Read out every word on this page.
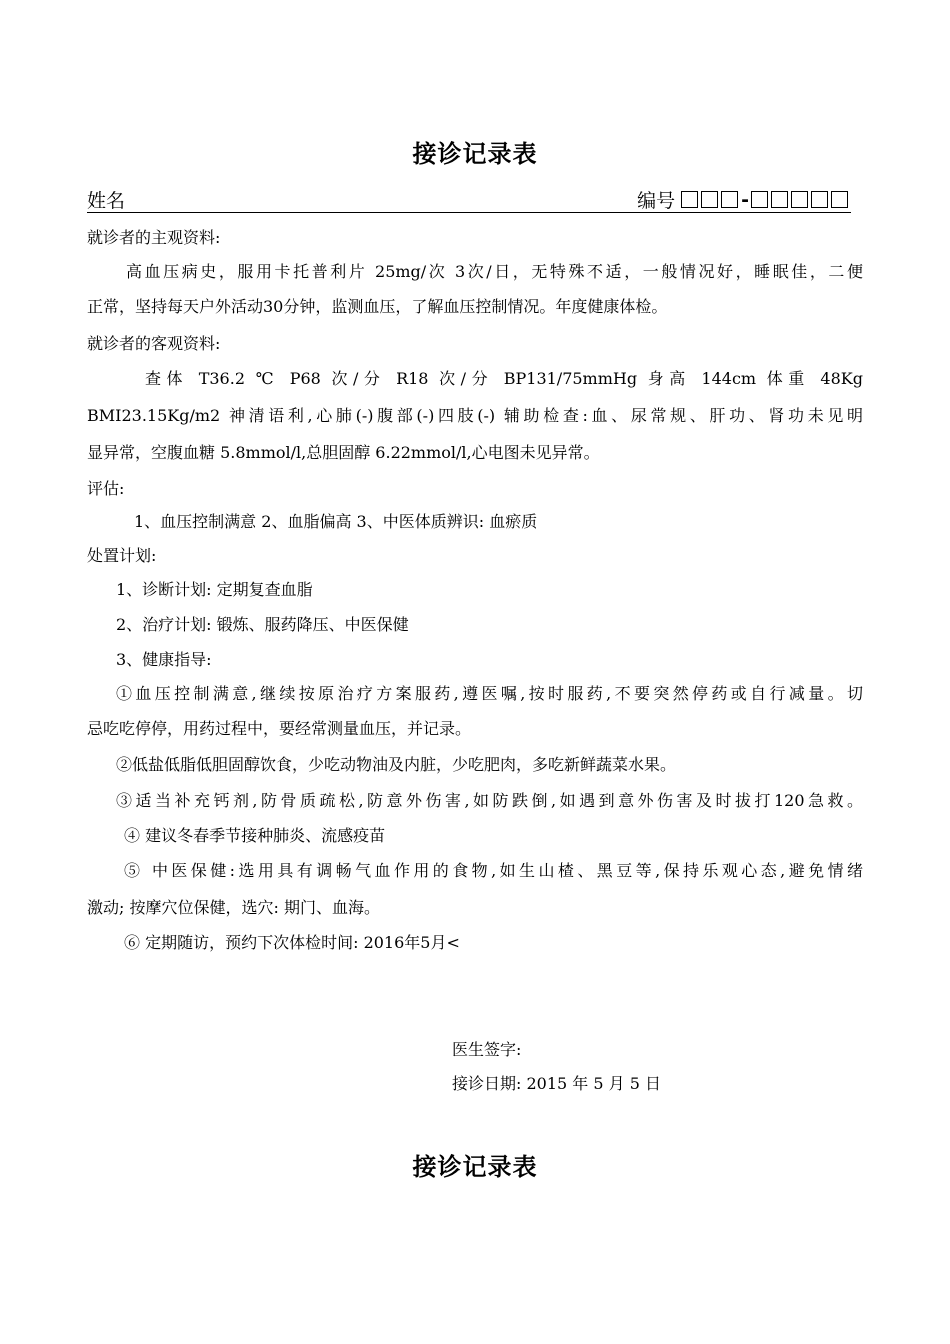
接诊记录表
姓名	编号	-
就诊者的主观资料:
高血压病史，服用卡托普利片 25mg/次 3次/日，无特殊不适，一般情况好，睡眠佳，二便
正常，坚持每天户外活动30分钟，监测血压，了解血压控制情况。年度健康体检。
就诊者的客观资料:
查体 T36.2 ℃ P68 次/分 R18 次/分 BP131/75mmHg 身高 144cm 体重 48Kg
BMI23.15Kg/m2 神清语利,心肺(-)腹部(-)四肢(-) 辅助检查:血、尿常规、肝功、肾功未见明
显异常，空腹血糖 5.8mmol/l,总胆固醇 6.22mmol/l,心电图未见异常。
评估:
1、血压控制满意 2、血脂偏高 3、中医体质辨识: 血瘀质
处置计划:
1、诊断计划: 定期复查血脂
2、治疗计划: 锻炼、服药降压、中医保健
3、健康指导:
①血压控制满意,继续按原治疗方案服药,遵医嘱,按时服药,不要突然停药或自行减量。切
忌吃吃停停，用药过程中，要经常测量血压，并记录。
②低盐低脂低胆固醇饮食，少吃动物油及内脏，少吃肥肉，多吃新鲜蔬菜水果。
③适当补充钙剂,防骨质疏松,防意外伤害,如防跌倒,如遇到意外伤害及时拔打120急救。
④ 建议冬春季节接种肺炎、流感疫苗
⑤ 中医保健:选用具有调畅气血作用的食物,如生山楂、黑豆等,保持乐观心态,避免情绪
激动; 按摩穴位保健，选穴: 期门、血海。
⑥ 定期随访，预约下次体检时间: 2016年5月<
医生签字:
接诊日期: 2015 年 5 月 5 日
接诊记录表
